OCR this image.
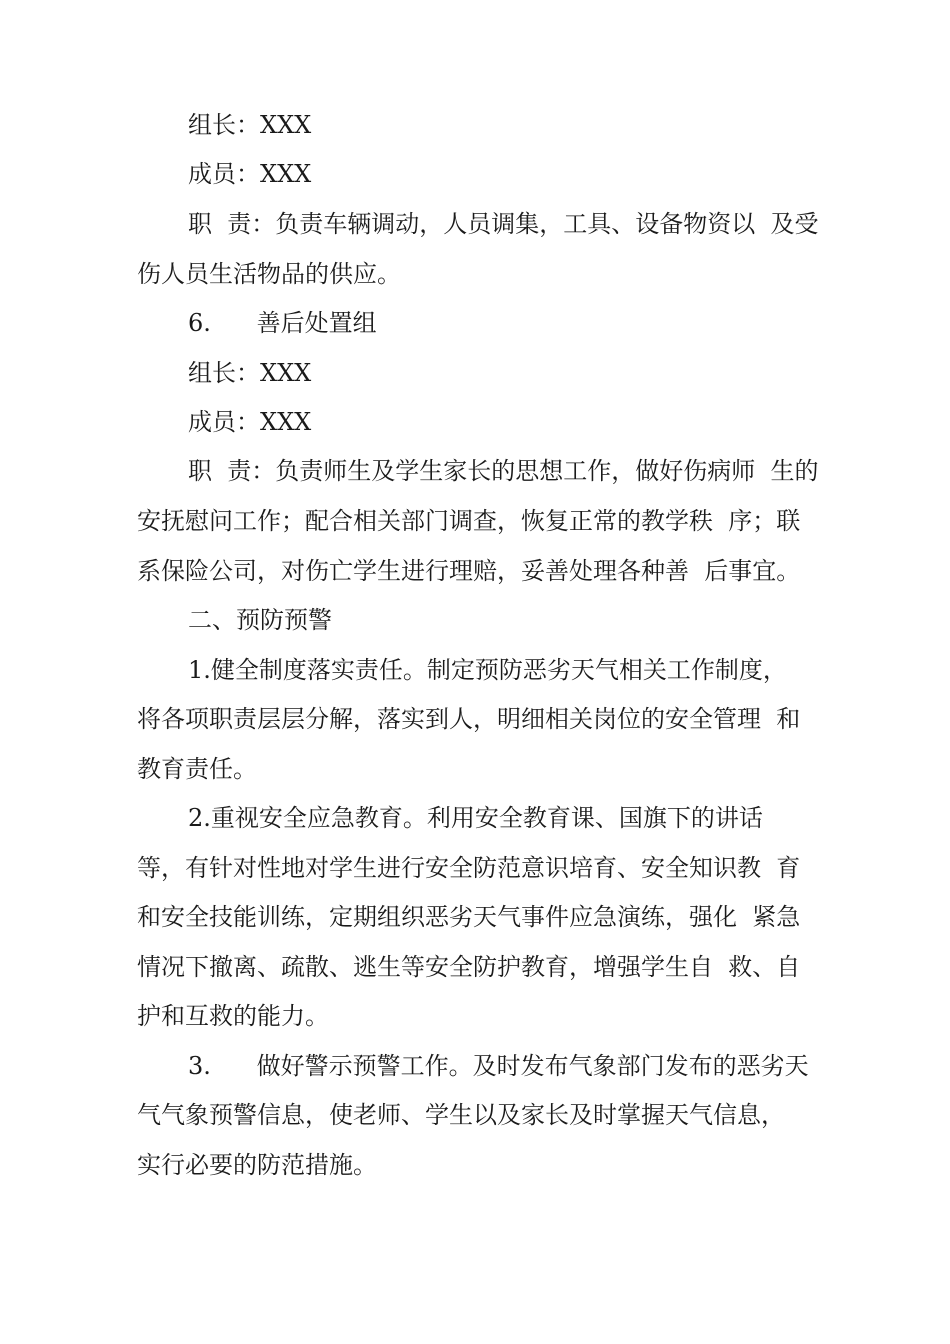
组长：XXX
成员：XXX
职  责：负责车辆调动，人员调集，工具、设备物资以  及受
伤人员生活物品的供应。
6.      善后处置组
组长：XXX
成员：XXX
职  责：负责师生及学生家长的思想工作，做好伤病师  生的
安抚慰问工作；配合相关部门调查，恢复正常的教学秩  序；联
系保险公司，对伤亡学生进行理赔，妥善处理各种善  后事宜。
二、预防预警
1.健全制度落实责任。制定预防恶劣天气相关工作制度，
将各项职责层层分解，落实到人，明细相关岗位的安全管理  和
教育责任。
2.重视安全应急教育。利用安全教育课、国旗下的讲话
等，有针对性地对学生进行安全防范意识培育、安全知识教  育
和安全技能训练，定期组织恶劣天气事件应急演练，强化  紧急
情况下撤离、疏散、逃生等安全防护教育，增强学生自  救、自
护和互救的能力。
3.      做好警示预警工作。及时发布气象部门发布的恶劣天
气气象预警信息，使老师、学生以及家长及时掌握天气信息，
实行必要的防范措施。
